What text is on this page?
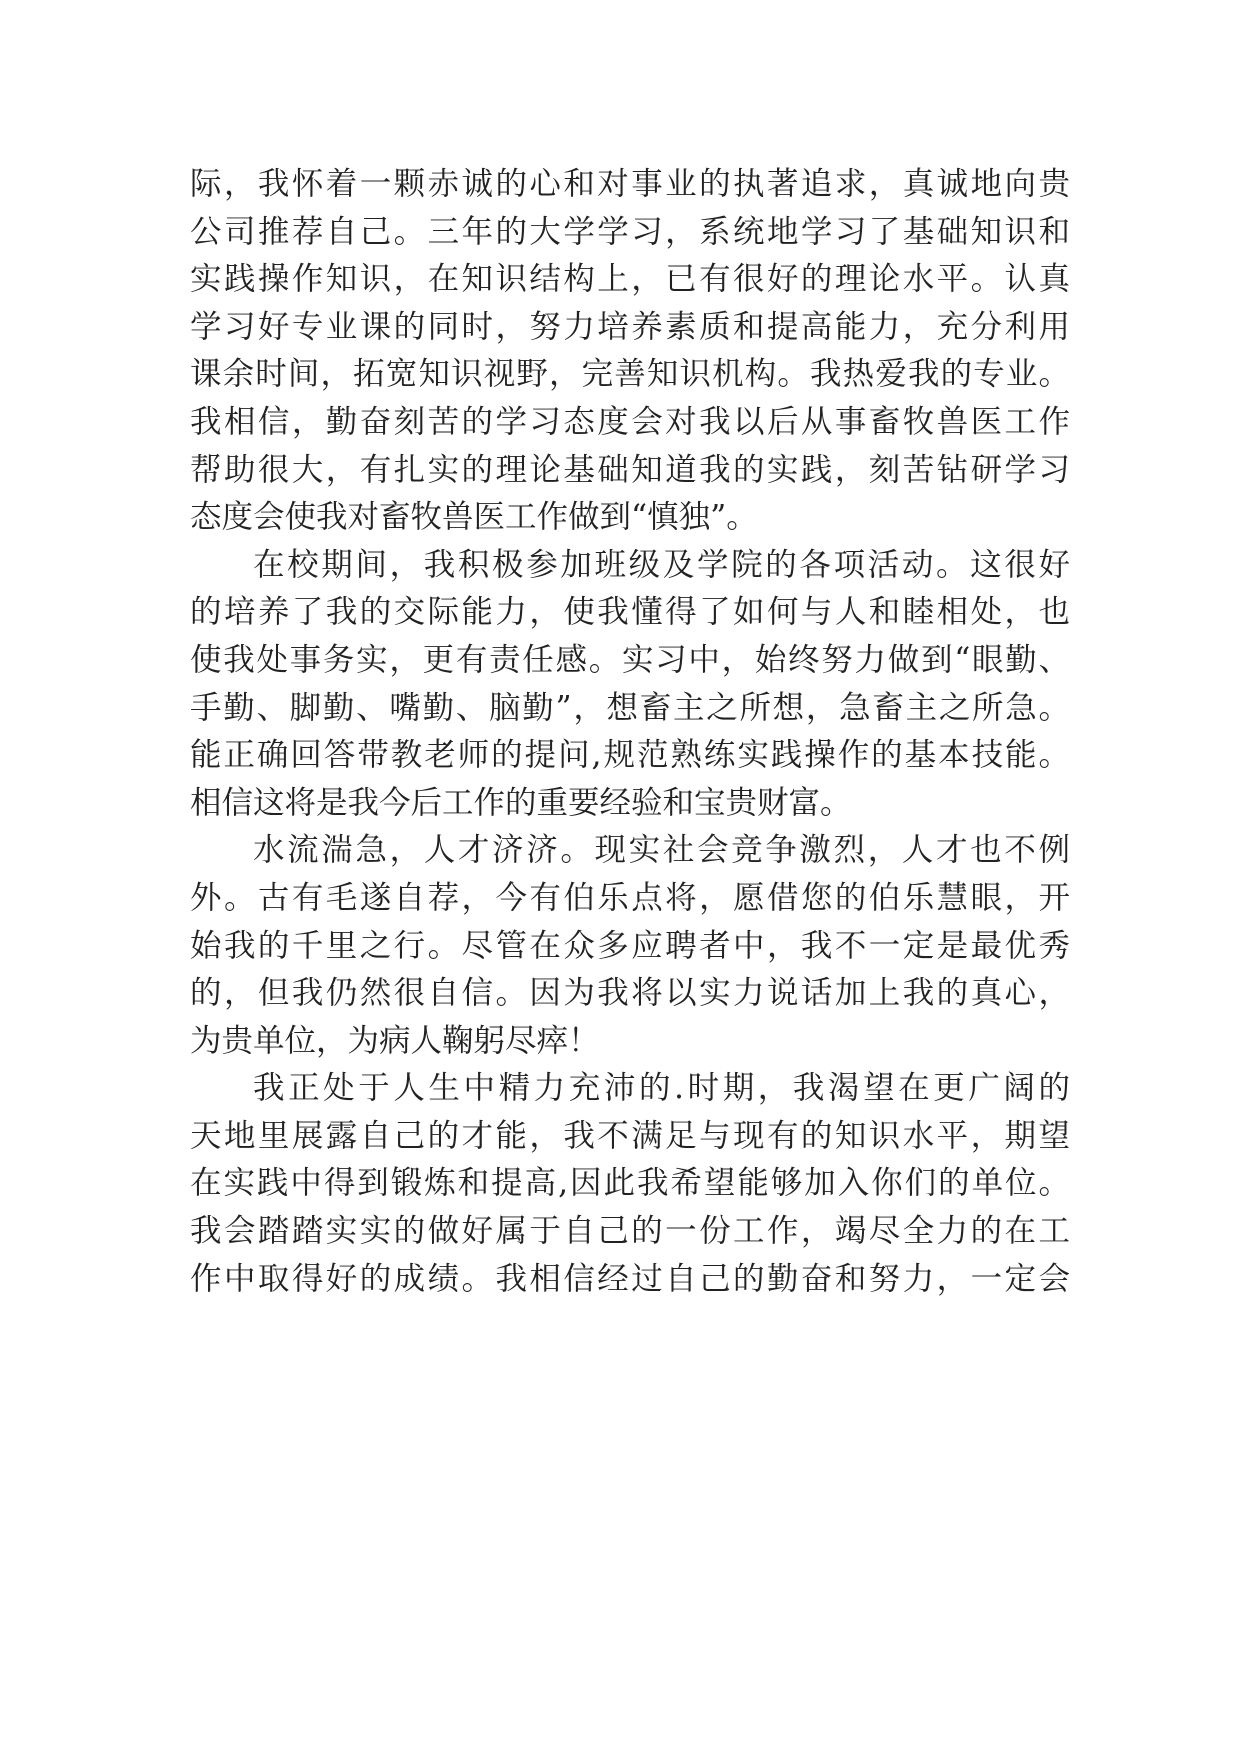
际，我怀着一颗赤诚的心和对事业的执著追求，真诚地向贵
公司推荐自己。三年的大学学习，系统地学习了基础知识和
实践操作知识，在知识结构上，已有很好的理论水平。认真
学习好专业课的同时，努力培养素质和提高能力，充分利用
课余时间，拓宽知识视野，完善知识机构。我热爱我的专业。
我相信，勤奋刻苦的学习态度会对我以后从事畜牧兽医工作
帮助很大，有扎实的理论基础知道我的实践，刻苦钻研学习
态度会使我对畜牧兽医工作做到“慎独”。
在校期间，我积极参加班级及学院的各项活动。这很好
的培养了我的交际能力，使我懂得了如何与人和睦相处，也
使我处事务实，更有责任感。实习中，始终努力做到“眼勤、
手勤、脚勤、嘴勤、脑勤”，想畜主之所想，急畜主之所急。
能正确回答带教老师的提问,规范熟练实践操作的基本技能。
相信这将是我今后工作的重要经验和宝贵财富。
水流湍急，人才济济。现实社会竞争激烈，人才也不例
外。古有毛遂自荐，今有伯乐点将，愿借您的伯乐慧眼，开
始我的千里之行。尽管在众多应聘者中，我不一定是最优秀
的，但我仍然很自信。因为我将以实力说话加上我的真心，
为贵单位，为病人鞠躬尽瘁！
我正处于人生中精力充沛的.时期，我渴望在更广阔的
天地里展露自己的才能，我不满足与现有的知识水平，期望
在实践中得到锻炼和提高,因此我希望能够加入你们的单位。
我会踏踏实实的做好属于自己的一份工作，竭尽全力的在工
作中取得好的成绩。我相信经过自己的勤奋和努力，一定会
